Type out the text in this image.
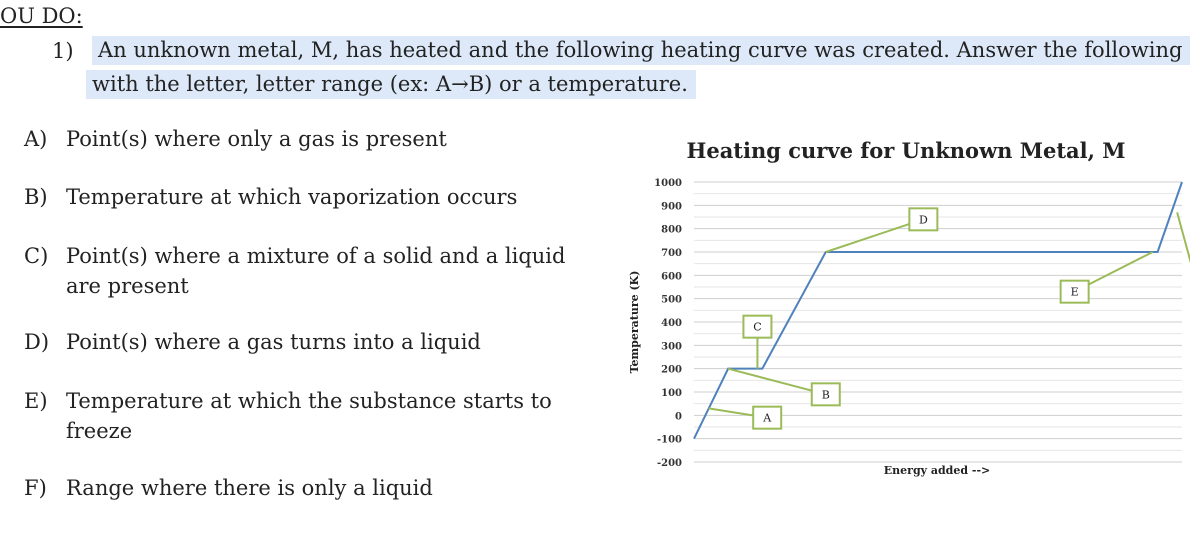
OU DO:
1) An unknown metal, M, has heated and the following heating curve was created. Answer the following
with the letter, letter range (ex: A→B) or a temperature.
A) Point(s) where only a gas is present
B) Temperature at which vaporization occurs
C) Point(s) where a mixture of a solid and a liquid
are present
D) Point(s) where a gas turns into a liquid
E) Temperature at which the substance starts to
freeze
F) Range where there is only a liquid
Heating curve for Unknown Metal, M
Temperature (K)
Energy added -->
-200
-100
0
100
200
300
400
500
600
700
800
900
1000
A
B
C
D
E
